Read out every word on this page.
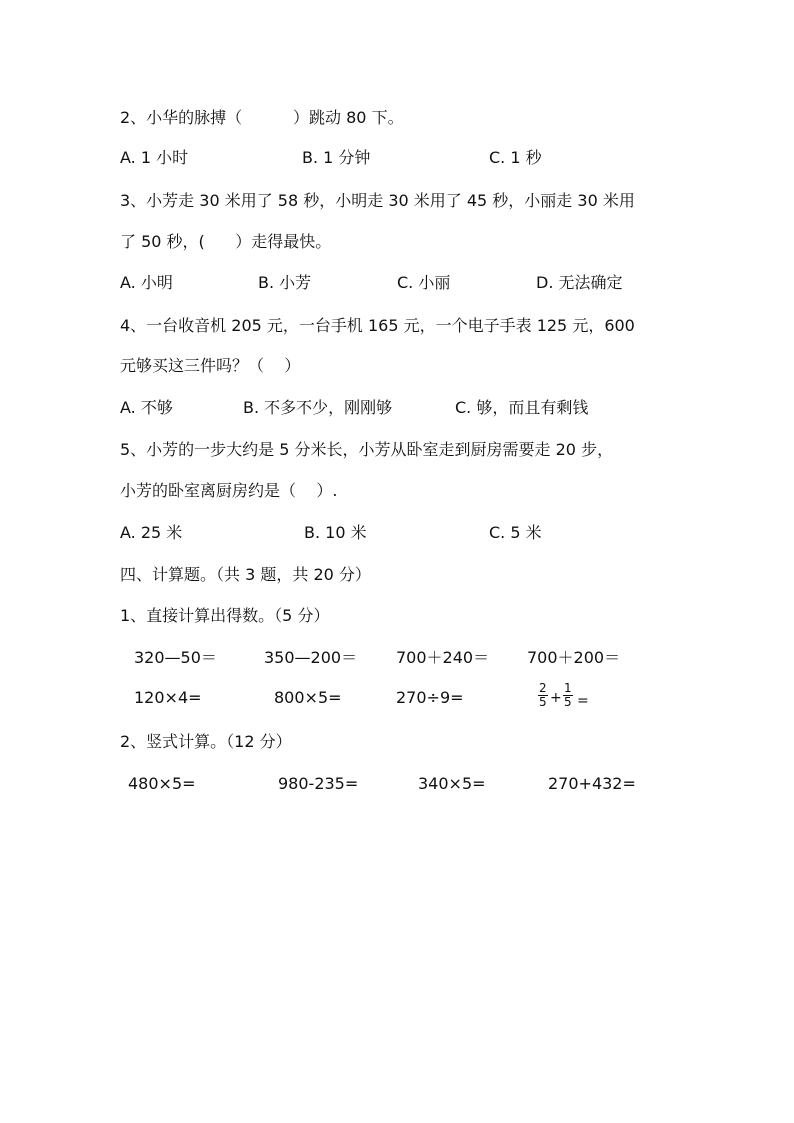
2、小华的脉搏（          ）跳动 80 下。
A. 1 小时	B. 1 分钟	C. 1 秒
3、小芳走 30 米用了 58 秒，小明走 30 米用了 45 秒，小丽走 30 米用
了 50 秒，(      ）走得最快。
A. 小明	B. 小芳	C. 小丽	D. 无法确定
4、一台收音机 205 元，一台手机 165 元，一个电子手表 125 元，600
元够买这三件吗？（    ）
A. 不够	B. 不多不少，刚刚够	C. 够，而且有剩钱
5、小芳的一步大约是 5 分米长，小芳从卧室走到厨房需要走 20 步，
小芳的卧室离厨房约是（    ）.
A. 25 米	B. 10 米	C. 5 米
四、计算题。（共 3 题，共 20 分）
1、直接计算出得数。（5 分）
320—50＝	350—200＝ 700＋240＝ 700＋200＝
120×4=	800×5=	270÷9=	$\frac{2}{5} + \frac{1}{5}$ =
2、竖式计算。（12 分）
480×5=	980-235=	340×5=	270+432=
